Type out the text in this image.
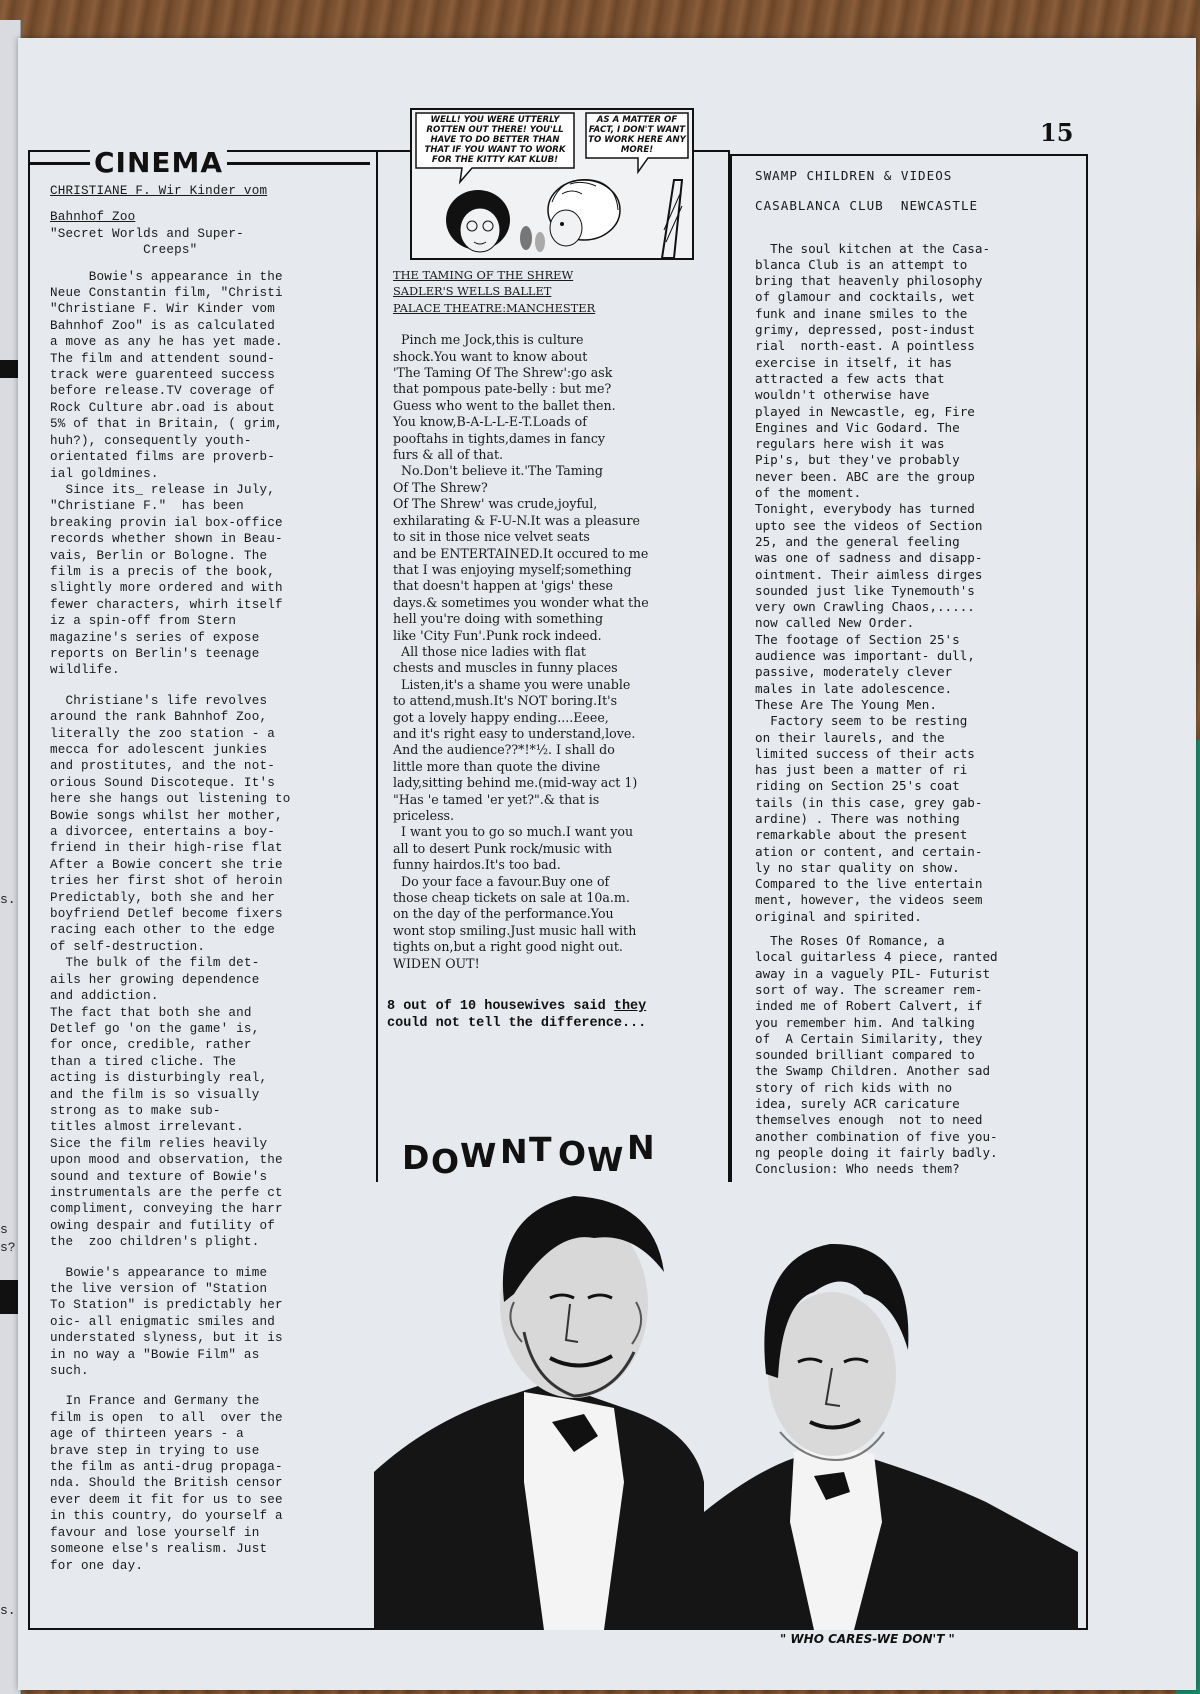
s.
s
s?
s.
15
CINEMA

CHRISTIANE F. Wir Kinder vom

Bahnhof Zoo

"Secret Worlds and Super-
Creeps"

Bowie's appearance in the
Neue Constantin film, "Christi
"Christiane F. Wir Kinder vom
Bahnhof Zoo" is as calculated
a move as any he has yet made.
The film and attendent sound-
track were guarenteed success
before release.TV coverage of
Rock Culture abr.oad is about
5% of that in Britain, ( grim,
huh?), consequently youth-
orientated films are proverb-
ial goldmines.
Since its_ release in July,
"Christiane F."  has been
breaking provin ial box-office
records whether shown in Beau-
vais, Berlin or Bologne. The
film is a precis of the book,
slightly more ordered and with
fewer characters, whirh itself
iz a spin-off from Stern
magazine's series of expose
reports on Berlin's teenage
wildlife.

Christiane's life revolves
around the rank Bahnhof Zoo,
literally the zoo station - a
mecca for adolescent junkies
and prostitutes, and the not-
orious Sound Discoteque. It's
here she hangs out listening to
Bowie songs whilst her mother,
a divorcee, entertains a boy-
friend in their high-rise flat
After a Bowie concert she trie
tries her first shot of heroin
Predictably, both she and her
boyfriend Detlef become fixers
racing each other to the edge
of self-destruction.
The bulk of the film det-
ails her growing dependence
and addiction.
The fact that both she and
Detlef go 'on the game' is,
for once, credible, rather
than a tired cliche. The
acting is disturbingly real,
and the film is so visually
strong as to make sub-
titles almost irrelevant.
Sice the film relies heavily
upon mood and observation, the
sound and texture of Bowie's
instrumentals are the perfe ct
compliment, conveying the harr
owing despair and futility of
the  zoo children's plight.

Bowie's appearance to mime
the live version of "Station
To Station" is predictably her
oic- all enigmatic smiles and
understated slyness, but it is
in no way a "Bowie Film" as
such.

In France and Germany the
film is open  to all  over the
age of thirteen years - a
brave step in trying to use
the film as anti-drug propaga-
nda. Should the British censor
ever deem it fit for us to see
in this country, do yourself a
favour and lose yourself in
someone else's realism. Just
for one day.

WELL! YOU WERE UTTERLY ROTTEN OUT THERE! YOU'LL HAVE TO DO BETTER THAN THAT IF YOU WANT TO WORK FOR THE KITTY KAT KLUB!
AS A MATTER OF FACT, I DON'T WANT TO WORK HERE ANY MORE!

THE TAMING OF THE SHREW

SADLER'S WELLS BALLET

PALACE THEATRE:MANCHESTER

Pinch me Jock,this is culture
shock.You want to know about
'The Taming Of The Shrew':go ask
that pompous pate-belly : but me?
Guess who went to the ballet then.
You know,B-A-L-L-E-T.Loads of
pooftahs in tights,dames in fancy
furs & all of that.
No.Don't believe it.'The Taming
Of The Shrew?
Of The Shrew' was crude,joyful,
exhilarating & F-U-N.It was a pleasure
to sit in those nice velvet seats
and be ENTERTAINED.It occured to me
that I was enjoying myself;something
that doesn't happen at 'gigs' these
days.& sometimes you wonder what the
hell you're doing with something
like 'City Fun'.Punk rock indeed.
All those nice ladies with flat
chests and muscles in funny places
Listen,it's a shame you were unable
to attend,mush.It's NOT boring.It's
got a lovely happy ending....Eeee,
and it's right easy to understand,love.
And the audience??*!*½. I shall do
little more than quote the divine
lady,sitting behind me.(mid-way act 1)
"Has 'e tamed 'er yet?".& that is
priceless.
I want you to go so much.I want you
all to desert Punk rock/music with
funny hairdos.It's too bad.
Do your face a favour.Buy one of
those cheap tickets on sale at 10a.m.
on the day of the performance.You
wont stop smiling.Just music hall with
tights on,but a right good night out.
WIDEN OUT!

8 out of 10 housewives said they
could not tell the difference...
DOWNT OWN
" WHO CARES-WE DON'T "

SWAMP CHILDREN & VIDEOS

CASABLANCA CLUB  NEWCASTLE

The soul kitchen at the Casa-
blanca Club is an attempt to
bring that heavenly philosophy
of glamour and cocktails, wet
funk and inane smiles to the
grimy, depressed, post-indust
rial  north-east. A pointless
exercise in itself, it has
attracted a few acts that
wouldn't otherwise have
played in Newcastle, eg, Fire
Engines and Vic Godard. The
regulars here wish it was
Pip's, but they've probably
never been. ABC are the group
of the moment.
Tonight, everybody has turned
upto see the videos of Section
25, and the general feeling
was one of sadness and disapp-
ointment. Their aimless dirges
sounded just like Tynemouth's
very own Crawling Chaos,.....
now called New Order.
The footage of Section 25's
audience was important- dull,
passive, moderately clever
males in late adolescence.
These Are The Young Men.
Factory seem to be resting
on their laurels, and the
limited success of their acts
has just been a matter of ri
riding on Section 25's coat
tails (in this case, grey gab-
ardine) . There was nothing
remarkable about the present
ation or content, and certain-
ly no star quality on show.
Compared to the live entertain
ment, however, the videos seem
original and spirited.

The Roses Of Romance, a
local guitarless 4 piece, ranted
away in a vaguely PIL- Futurist
sort of way. The screamer rem-
inded me of Robert Calvert, if
you remember him. And talking
of  A Certain Similarity, they
sounded brilliant compared to
the Swamp Children. Another sad
story of rich kids with no
idea, surely ACR caricature
themselves enough  not to need
another combination of five you-
ng people doing it fairly badly.
Conclusion: Who needs them?
